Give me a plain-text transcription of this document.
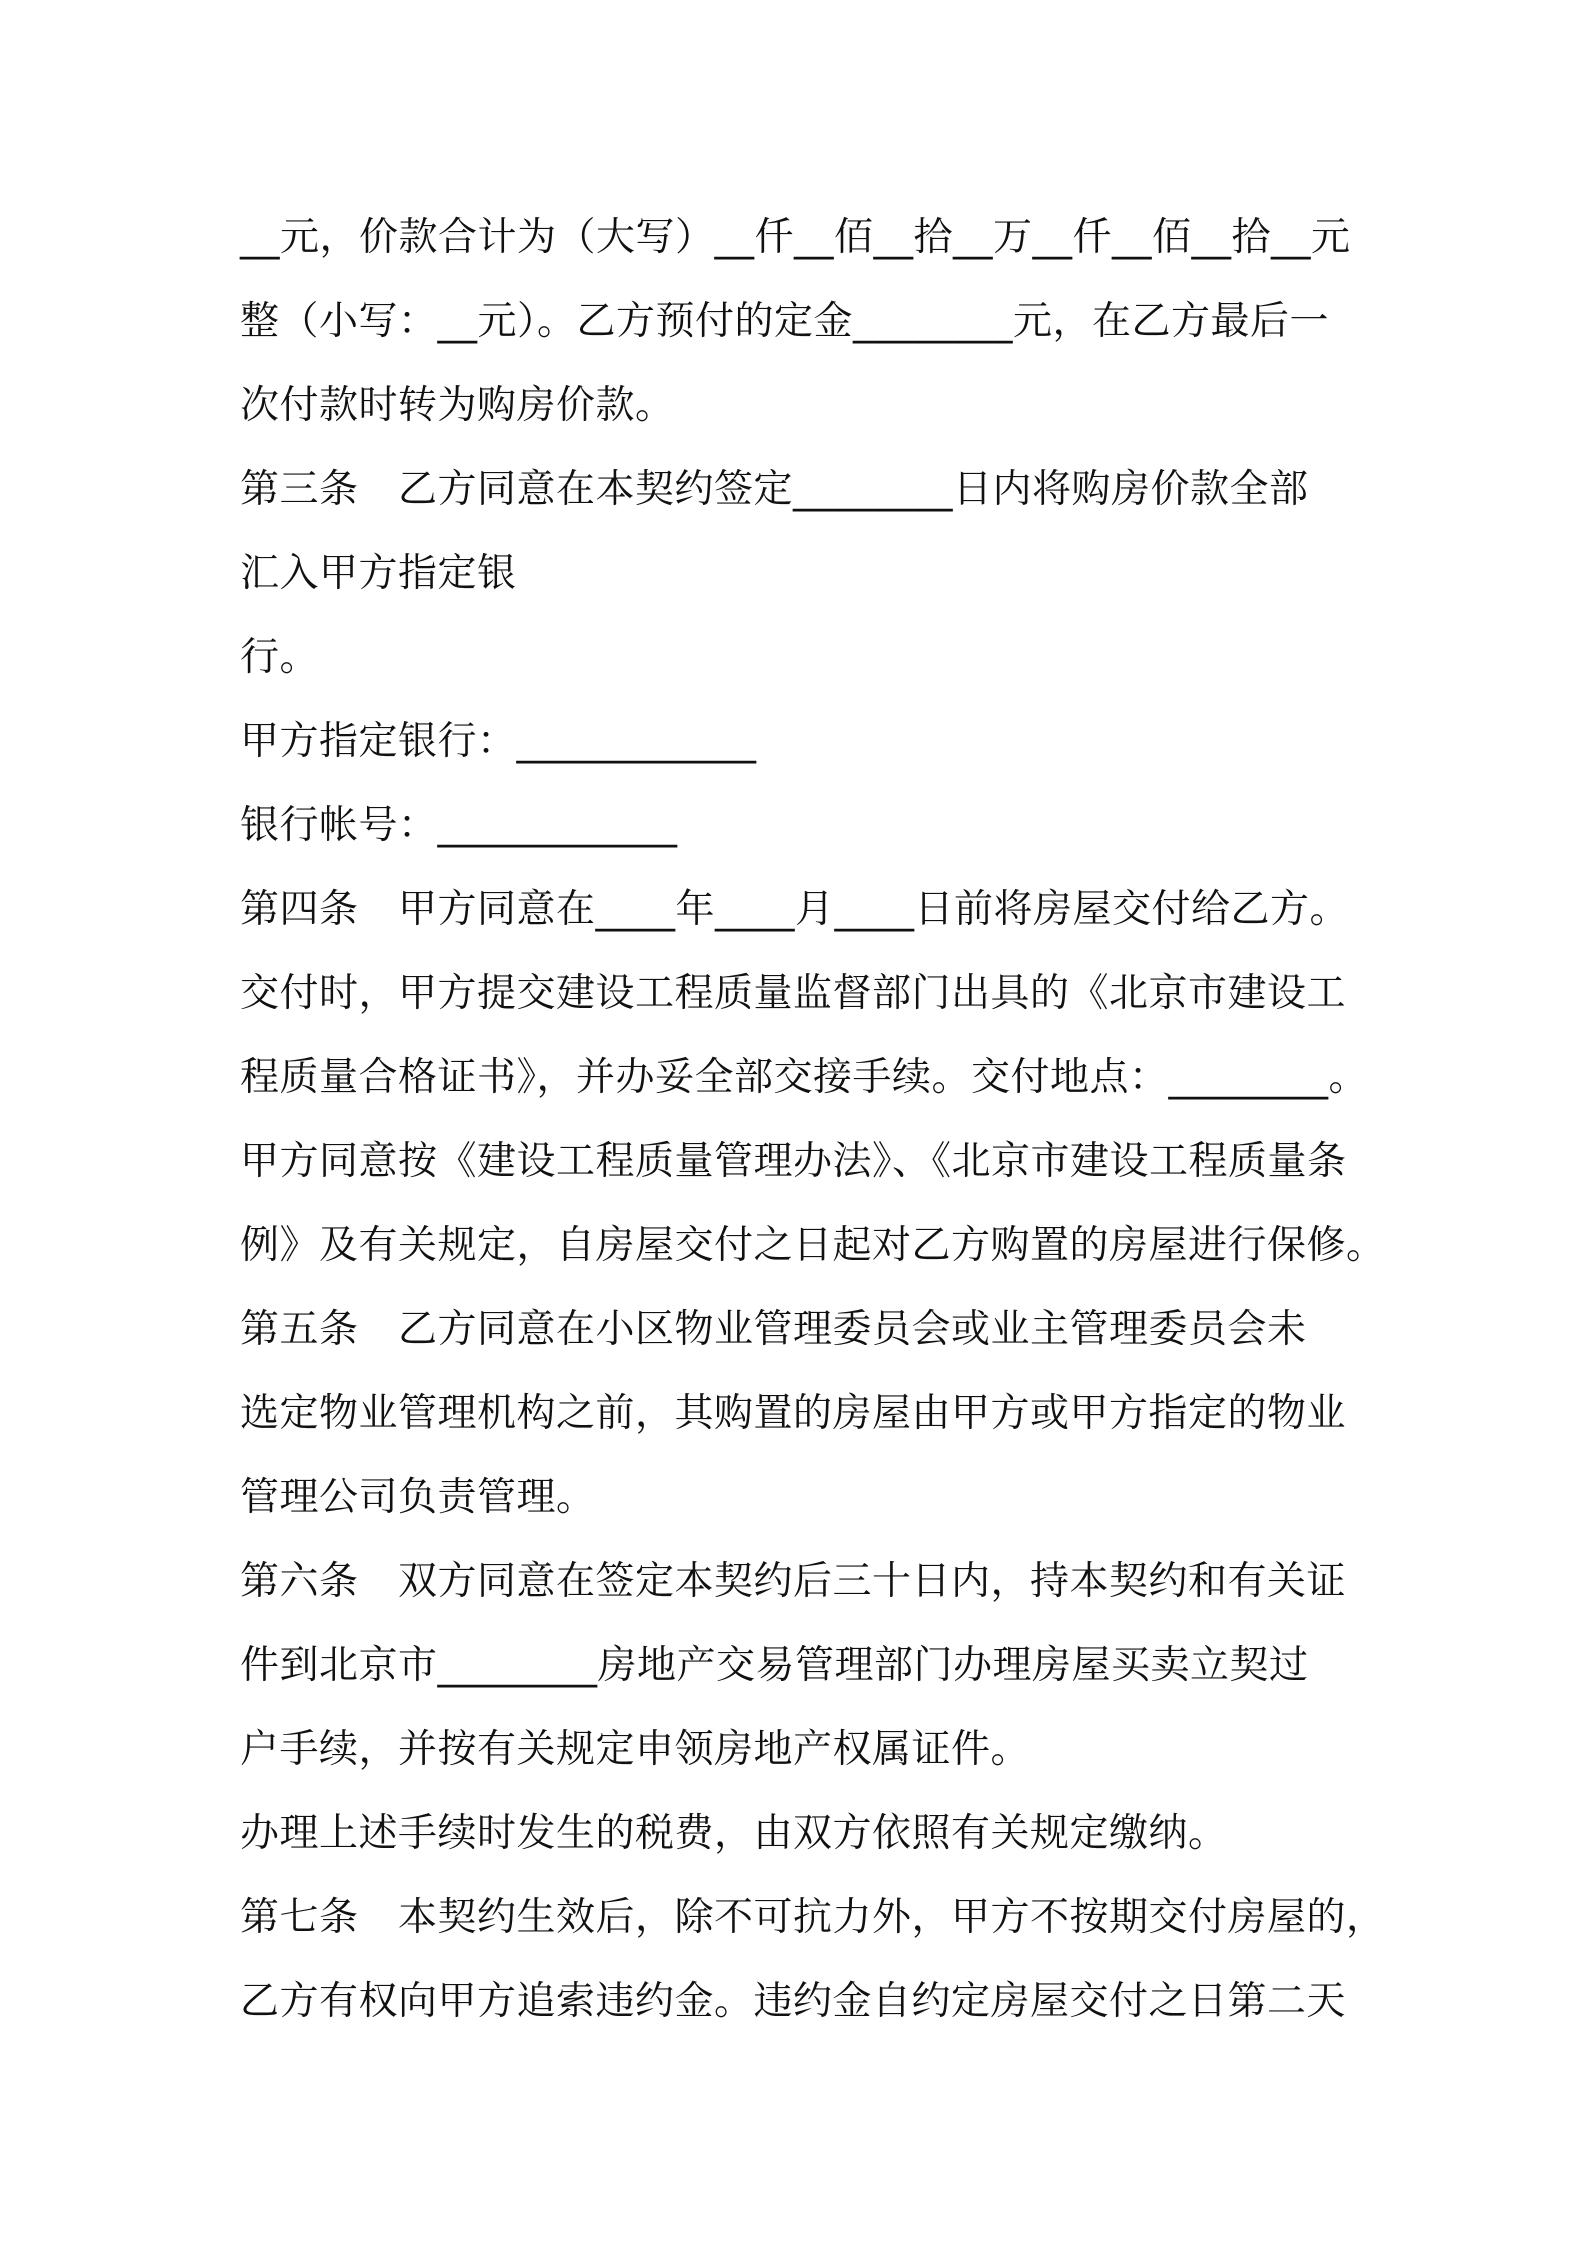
__元，价款合计为（大写）__仟__佰__拾__万__仟__佰__拾__元
整（小写：__元）。乙方预付的定金________元，在乙方最后一
次付款时转为购房价款。
第三条　乙方同意在本契约签定________日内将购房价款全部
汇入甲方指定银
行。
甲方指定银行：____________
银行帐号：____________
第四条　甲方同意在____年____月____日前将房屋交付给乙方。
交付时，甲方提交建设工程质量监督部门出具的《北京市建设工
程质量合格证书》，并办妥全部交接手续。交付地点：________。
甲方同意按《建设工程质量管理办法》、《北京市建设工程质量条
例》及有关规定，自房屋交付之日起对乙方购置的房屋进行保修。
第五条　乙方同意在小区物业管理委员会或业主管理委员会未
选定物业管理机构之前，其购置的房屋由甲方或甲方指定的物业
管理公司负责管理。
第六条　双方同意在签定本契约后三十日内，持本契约和有关证
件到北京市________房地产交易管理部门办理房屋买卖立契过
户手续，并按有关规定申领房地产权属证件。
办理上述手续时发生的税费，由双方依照有关规定缴纳。
第七条　本契约生效后，除不可抗力外，甲方不按期交付房屋的，
乙方有权向甲方追索违约金。违约金自约定房屋交付之日第二天
